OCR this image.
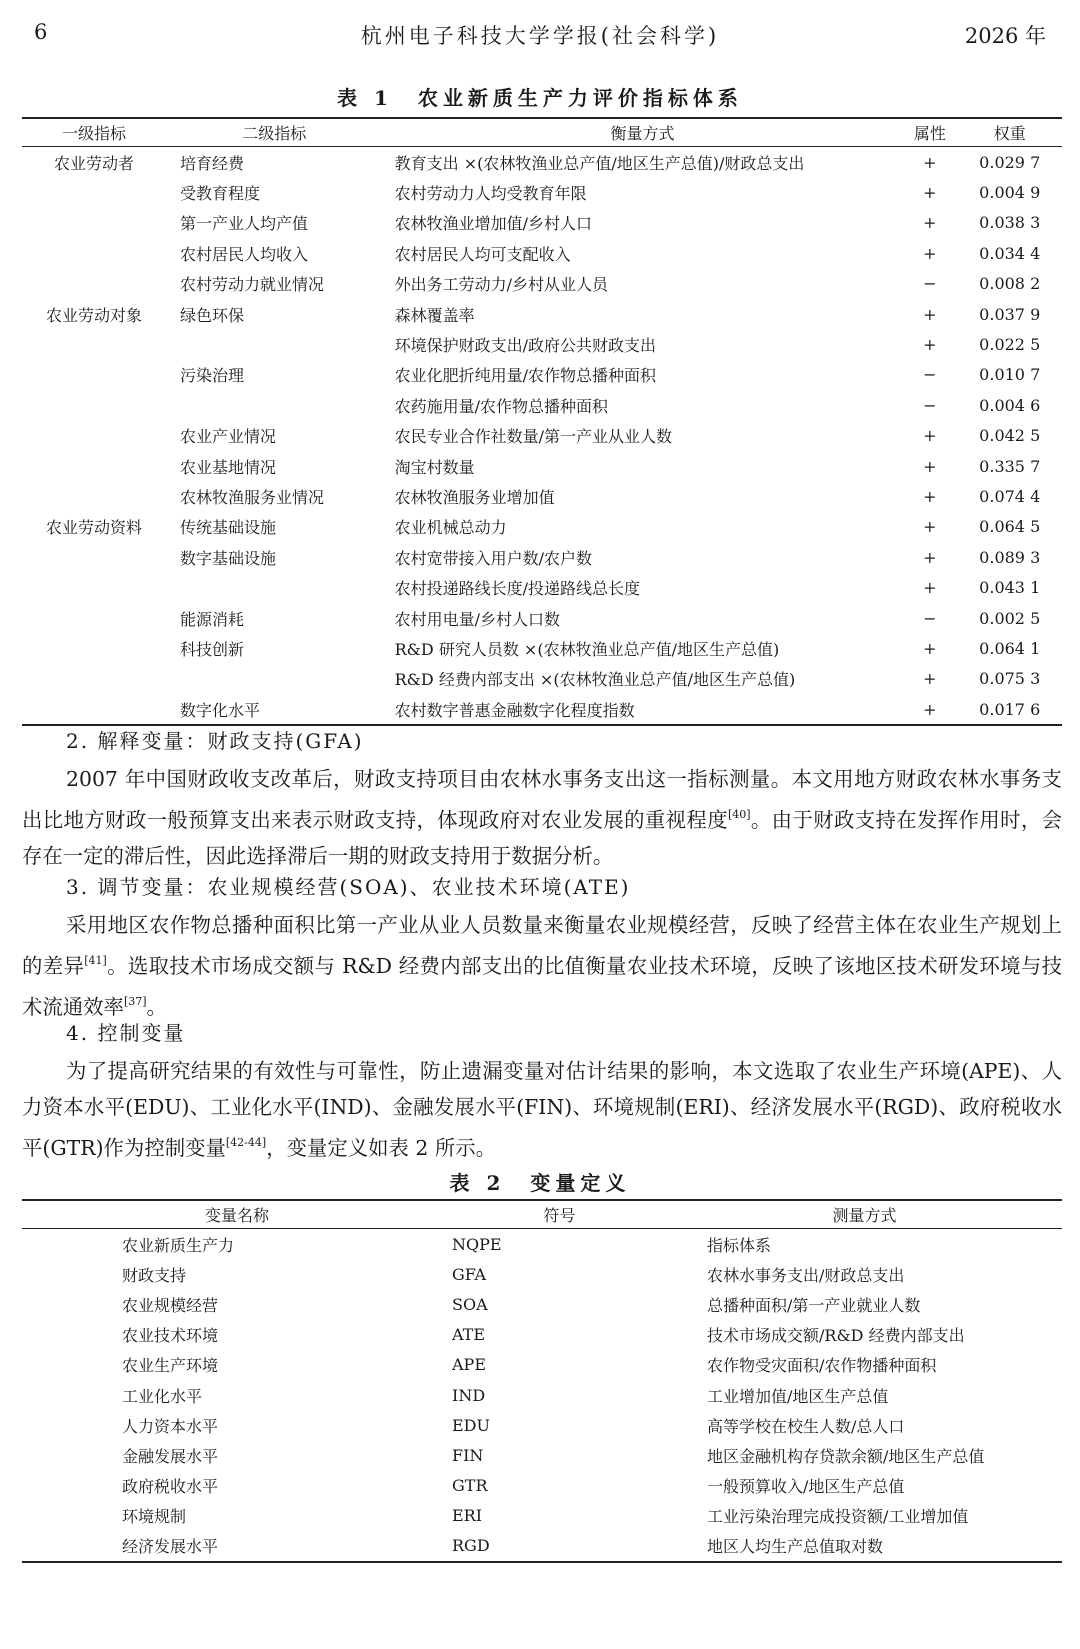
6	杭州电子科技大学学报(社会科学)	2026 年
表 1　农业新质生产力评价指标体系
一级指标	二级指标	衡量方式	属性	权重
农业劳动者	培育经费	教育支出 ×(农林牧渔业总产值/地区生产总值)/财政总支出	+	0.029 7
	受教育程度	农村劳动力人均受教育年限	+	0.004 9
	第一产业人均产值	农林牧渔业增加值/乡村人口	+	0.038 3
	农村居民人均收入	农村居民人均可支配收入	+	0.034 4
	农村劳动力就业情况	外出务工劳动力/乡村从业人员	−	0.008 2
农业劳动对象	绿色环保	森林覆盖率	+	0.037 9
		环境保护财政支出/政府公共财政支出	+	0.022 5
	污染治理	农业化肥折纯用量/农作物总播种面积	−	0.010 7
		农药施用量/农作物总播种面积	−	0.004 6
	农业产业情况	农民专业合作社数量/第一产业从业人数	+	0.042 5
	农业基地情况	淘宝村数量	+	0.335 7
	农林牧渔服务业情况	农林牧渔服务业增加值	+	0.074 4
农业劳动资料	传统基础设施	农业机械总动力	+	0.064 5
	数字基础设施	农村宽带接入用户数/农户数	+	0.089 3
		农村投递路线长度/投递路线总长度	+	0.043 1
	能源消耗	农村用电量/乡村人口数	−	0.002 5
	科技创新	R&D 研究人员数 ×(农林牧渔业总产值/地区生产总值)	+	0.064 1
		R&D 经费内部支出 ×(农林牧渔业总产值/地区生产总值)	+	0.075 3
	数字化水平	农村数字普惠金融数字化程度指数	+	0.017 6
2. 解释变量：财政支持(GFA)

2007 年中国财政收支改革后，财政支持项目由农林水事务支出这一指标测量。本文用地方财政农林水事务支出比地方财政一般预算支出来表示财政支持，体现政府对农业发展的重视程度[40]。由于财政支持在发挥作用时，会存在一定的滞后性，因此选择滞后一期的财政支持用于数据分析。

3. 调节变量：农业规模经营(SOA)、农业技术环境(ATE)

采用地区农作物总播种面积比第一产业从业人员数量来衡量农业规模经营，反映了经营主体在农业生产规划上的差异[41]。选取技术市场成交额与 R&D 经费内部支出的比值衡量农业技术环境，反映了该地区技术研发环境与技术流通效率[37]。

4. 控制变量

为了提高研究结果的有效性与可靠性，防止遗漏变量对估计结果的影响，本文选取了农业生产环境(APE)、人力资本水平(EDU)、工业化水平(IND)、金融发展水平(FIN)、环境规制(ERI)、经济发展水平(RGD)、政府税收水平(GTR)作为控制变量[42-44]，变量定义如表 2 所示。

表 2　变量定义
变量名称	符号	测量方式
农业新质生产力	NQPE	指标体系
财政支持	GFA	农林水事务支出/财政总支出
农业规模经营	SOA	总播种面积/第一产业就业人数
农业技术环境	ATE	技术市场成交额/R&D 经费内部支出
农业生产环境	APE	农作物受灾面积/农作物播种面积
工业化水平	IND	工业增加值/地区生产总值
人力资本水平	EDU	高等学校在校生人数/总人口
金融发展水平	FIN	地区金融机构存贷款余额/地区生产总值
政府税收水平	GTR	一般预算收入/地区生产总值
环境规制	ERI	工业污染治理完成投资额/工业增加值
经济发展水平	RGD	地区人均生产总值取对数
